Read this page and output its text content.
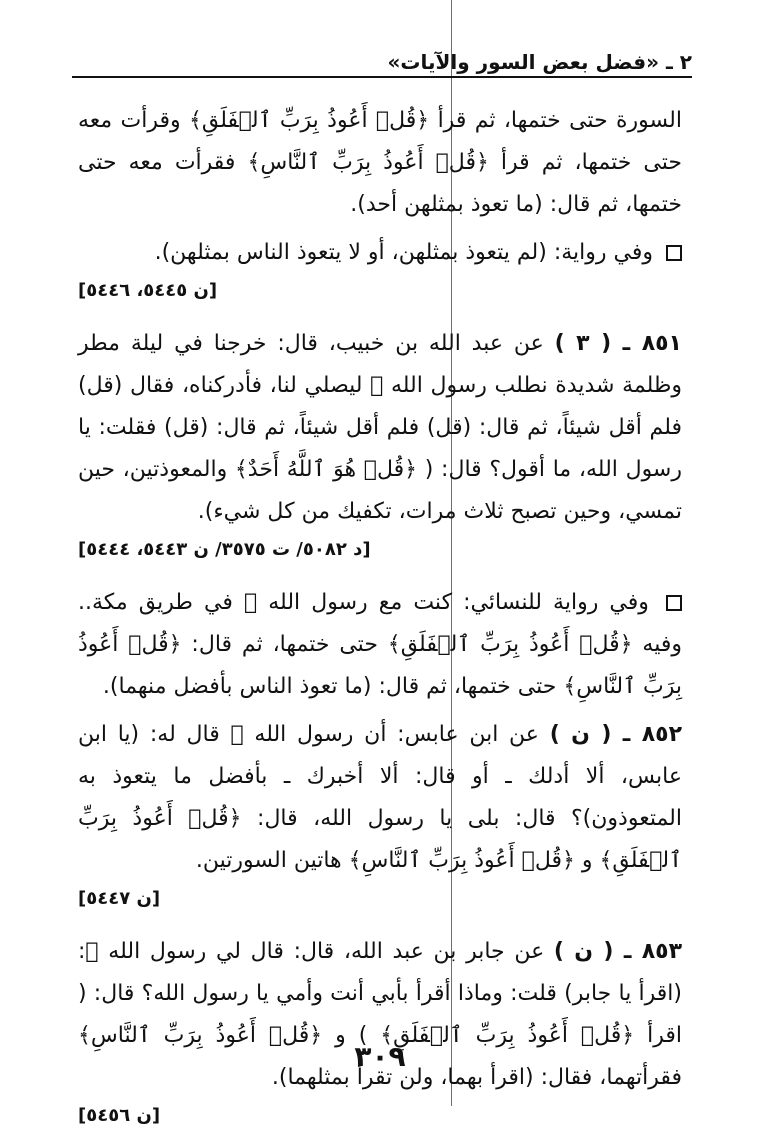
٢ ـ «فضل بعض السور والآيات»

السورة حتى ختمها، ثم قرأ ﴿قُلۡ أَعُوذُ بِرَبِّ ٱلۡفَلَقِ﴾ وقرأت معه حتى ختمها، ثم قرأ ﴿قُلۡ أَعُوذُ بِرَبِّ ٱلنَّاسِ﴾ فقرأت معه حتى ختمها، ثم قال: (ما تعوذ بمثلهن أحد).

وفي رواية: (لم يتعوذ بمثلهن، أو لا يتعوذ الناس بمثلهن).

[ن ٥٤٤٥، ٥٤٤٦]

٨٥١ ـ ( ٣ ) عن عبد الله بن خبيب، قال: خرجنا في ليلة مطر وظلمة شديدة نطلب رسول الله ﷺ ليصلي لنا، فأدركناه، فقال (قل) فلم أقل شيئاً، ثم قال: (قل) فلم أقل شيئاً، ثم قال: (قل) فقلت: يا رسول الله، ما أقول؟ قال: ( ﴿قُلۡ هُوَ ٱللَّهُ أَحَدٌ﴾ والمعوذتين، حين تمسي، وحين تصبح ثلاث مرات، تكفيك من كل شيء).

[د ٥٠٨٢/ ت ٣٥٧٥/ ن ٥٤٤٣، ٥٤٤٤]

وفي رواية للنسائي: كنت مع رسول الله ﷺ في طريق مكة.. وفيه ﴿قُلۡ أَعُوذُ بِرَبِّ ٱلۡفَلَقِ﴾ حتى ختمها، ثم قال: ﴿قُلۡ أَعُوذُ بِرَبِّ ٱلنَّاسِ﴾ حتى ختمها، ثم قال: (ما تعوذ الناس بأفضل منهما).

٨٥٢ ـ ( ن ) عن ابن عابس: أن رسول الله ﷺ قال له: (يا ابن عابس، ألا أدلك ـ أو قال: ألا أخبرك ـ بأفضل ما يتعوذ به المتعوذون)؟ قال: بلى يا رسول الله، قال: ﴿قُلۡ أَعُوذُ بِرَبِّ ٱلۡفَلَقِ﴾ و ﴿قُلۡ أَعُوذُ بِرَبِّ ٱلنَّاسِ﴾ هاتين السورتين.

[ن ٥٤٤٧]

٨٥٣ ـ ( ن ) عن جابر بن عبد الله، قال: قال لي رسول الله ﷺ: (اقرأ يا جابر) قلت: وماذا أقرأ بأبي أنت وأمي يا رسول الله؟ قال: ( اقرأ ﴿قُلۡ أَعُوذُ بِرَبِّ ٱلۡفَلَقِ﴾ ) و ﴿قُلۡ أَعُوذُ بِرَبِّ ٱلنَّاسِ﴾ فقرأتهما، فقال: (اقرأ بهما، ولن تقرأ بمثلهما).

[ن ٥٤٥٦]
٣٠٩
